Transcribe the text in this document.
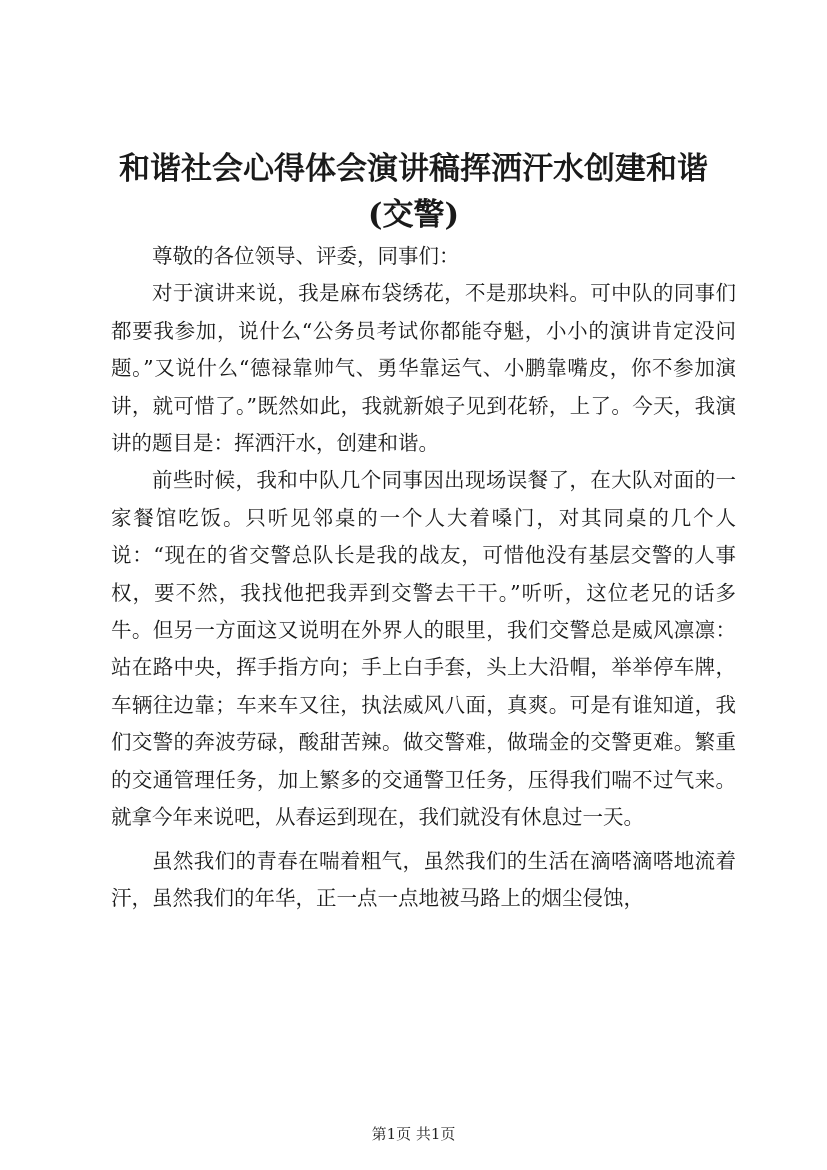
和谐社会心得体会演讲稿挥洒汗水创建和谐(交警)

尊敬的各位领导、评委，同事们：

对于演讲来说，我是麻布袋绣花，不是那块料。可中队的同事们都要我参加，说什么“公务员考试你都能夺魁，小小的演讲肯定没问题。”又说什么“德禄靠帅气、勇华靠运气、小鹏靠嘴皮，你不参加演讲，就可惜了。”既然如此，我就新娘子见到花轿，上了。今天，我演讲的题目是：挥洒汗水，创建和谐。

前些时候，我和中队几个同事因出现场误餐了，在大队对面的一家餐馆吃饭。只听见邻桌的一个人大着嗓门，对其同桌的几个人说：“现在的省交警总队长是我的战友，可惜他没有基层交警的人事权，要不然，我找他把我弄到交警去干干。”听听，这位老兄的话多牛。但另一方面这又说明在外界人的眼里，我们交警总是威风凛凛：站在路中央，挥手指方向；手上白手套，头上大沿帽，举举停车牌，车辆往边靠；车来车又往，执法威风八面，真爽。可是有谁知道，我们交警的奔波劳碌，酸甜苦辣。做交警难，做瑞金的交警更难。繁重的交通管理任务，加上繁多的交通警卫任务，压得我们喘不过气来。就拿今年来说吧，从春运到现在，我们就没有休息过一天。

虽然我们的青春在喘着粗气，虽然我们的生活在滴嗒滴嗒地流着汗，虽然我们的年华，正一点一点地被马路上的烟尘侵蚀，

第1页 共1页
